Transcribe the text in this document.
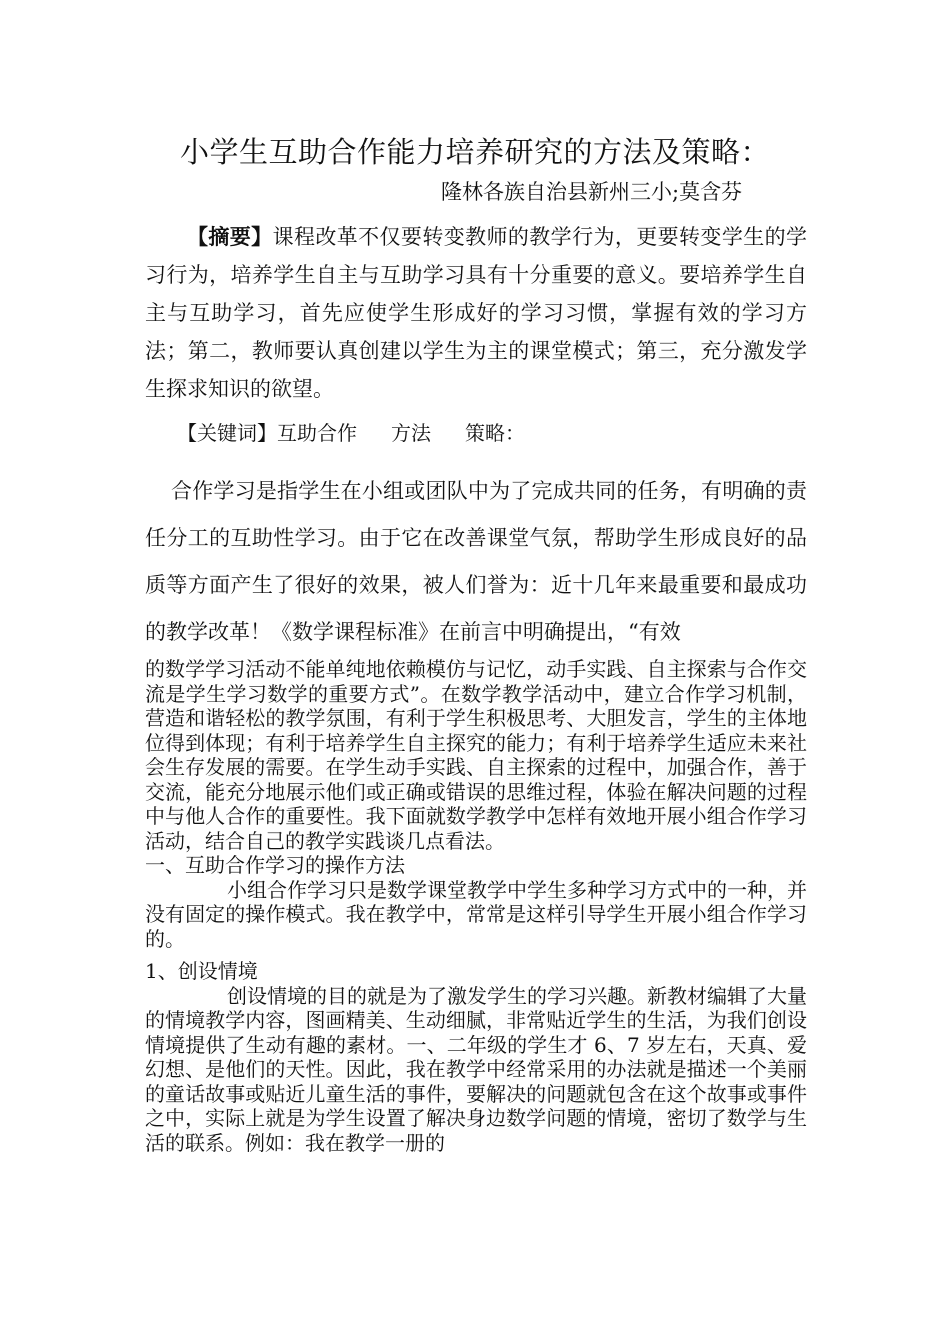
小学生互助合作能力培养研究的方法及策略：
隆林各族自治县新州三小;莫含芬

【摘要】课程改革不仅要转变教师的教学行为，更要转变学生的学习行为，培养学生自主与互助学习具有十分重要的意义。要培养学生自主与互助学习，首先应使学生形成好的学习习惯，掌握有效的学习方法；第二，教师要认真创建以学生为主的课堂模式；第三，充分激发学生探求知识的欲望。

【关键词】互助合作 方法 策略：

合作学习是指学生在小组或团队中为了完成共同的任务，有明确的责任分工的互助性学习。由于它在改善课堂气氛，帮助学生形成良好的品质等方面产生了很好的效果，被人们誉为：近十几年来最重要和最成功的教学改革！《数学课程标准》在前言中明确提出，“有效

的数学学习活动不能单纯地依赖模仿与记忆，动手实践、自主探索与合作交流是学生学习数学的重要方式”。在数学教学活动中，建立合作学习机制，营造和谐轻松的教学氛围，有利于学生积极思考、大胆发言，学生的主体地位得到体现；有利于培养学生自主探究的能力；有利于培养学生适应未来社会生存发展的需要。在学生动手实践、自主探索的过程中，加强合作，善于交流，能充分地展示他们或正确或错误的思维过程，体验在解决问题的过程中与他人合作的重要性。我下面就数学教学中怎样有效地开展小组合作学习活动，结合自己的教学实践谈几点看法。

一、互助合作学习的操作方法

小组合作学习只是数学课堂教学中学生多种学习方式中的一种，并没有固定的操作模式。我在教学中，常常是这样引导学生开展小组合作学习的。

1、创设情境

创设情境的目的就是为了激发学生的学习兴趣。新教材编辑了大量的情境教学内容，图画精美、生动细腻，非常贴近学生的生活，为我们创设情境提供了生动有趣的素材。一、二年级的学生才 6、7 岁左右，天真、爱幻想、是他们的天性。因此，我在教学中经常采用的办法就是描述一个美丽的童话故事或贴近儿童生活的事件，要解决的问题就包含在这个故事或事件之中，实际上就是为学生设置了解决身边数学问题的情境，密切了数学与生活的联系。例如：我在教学一册的
